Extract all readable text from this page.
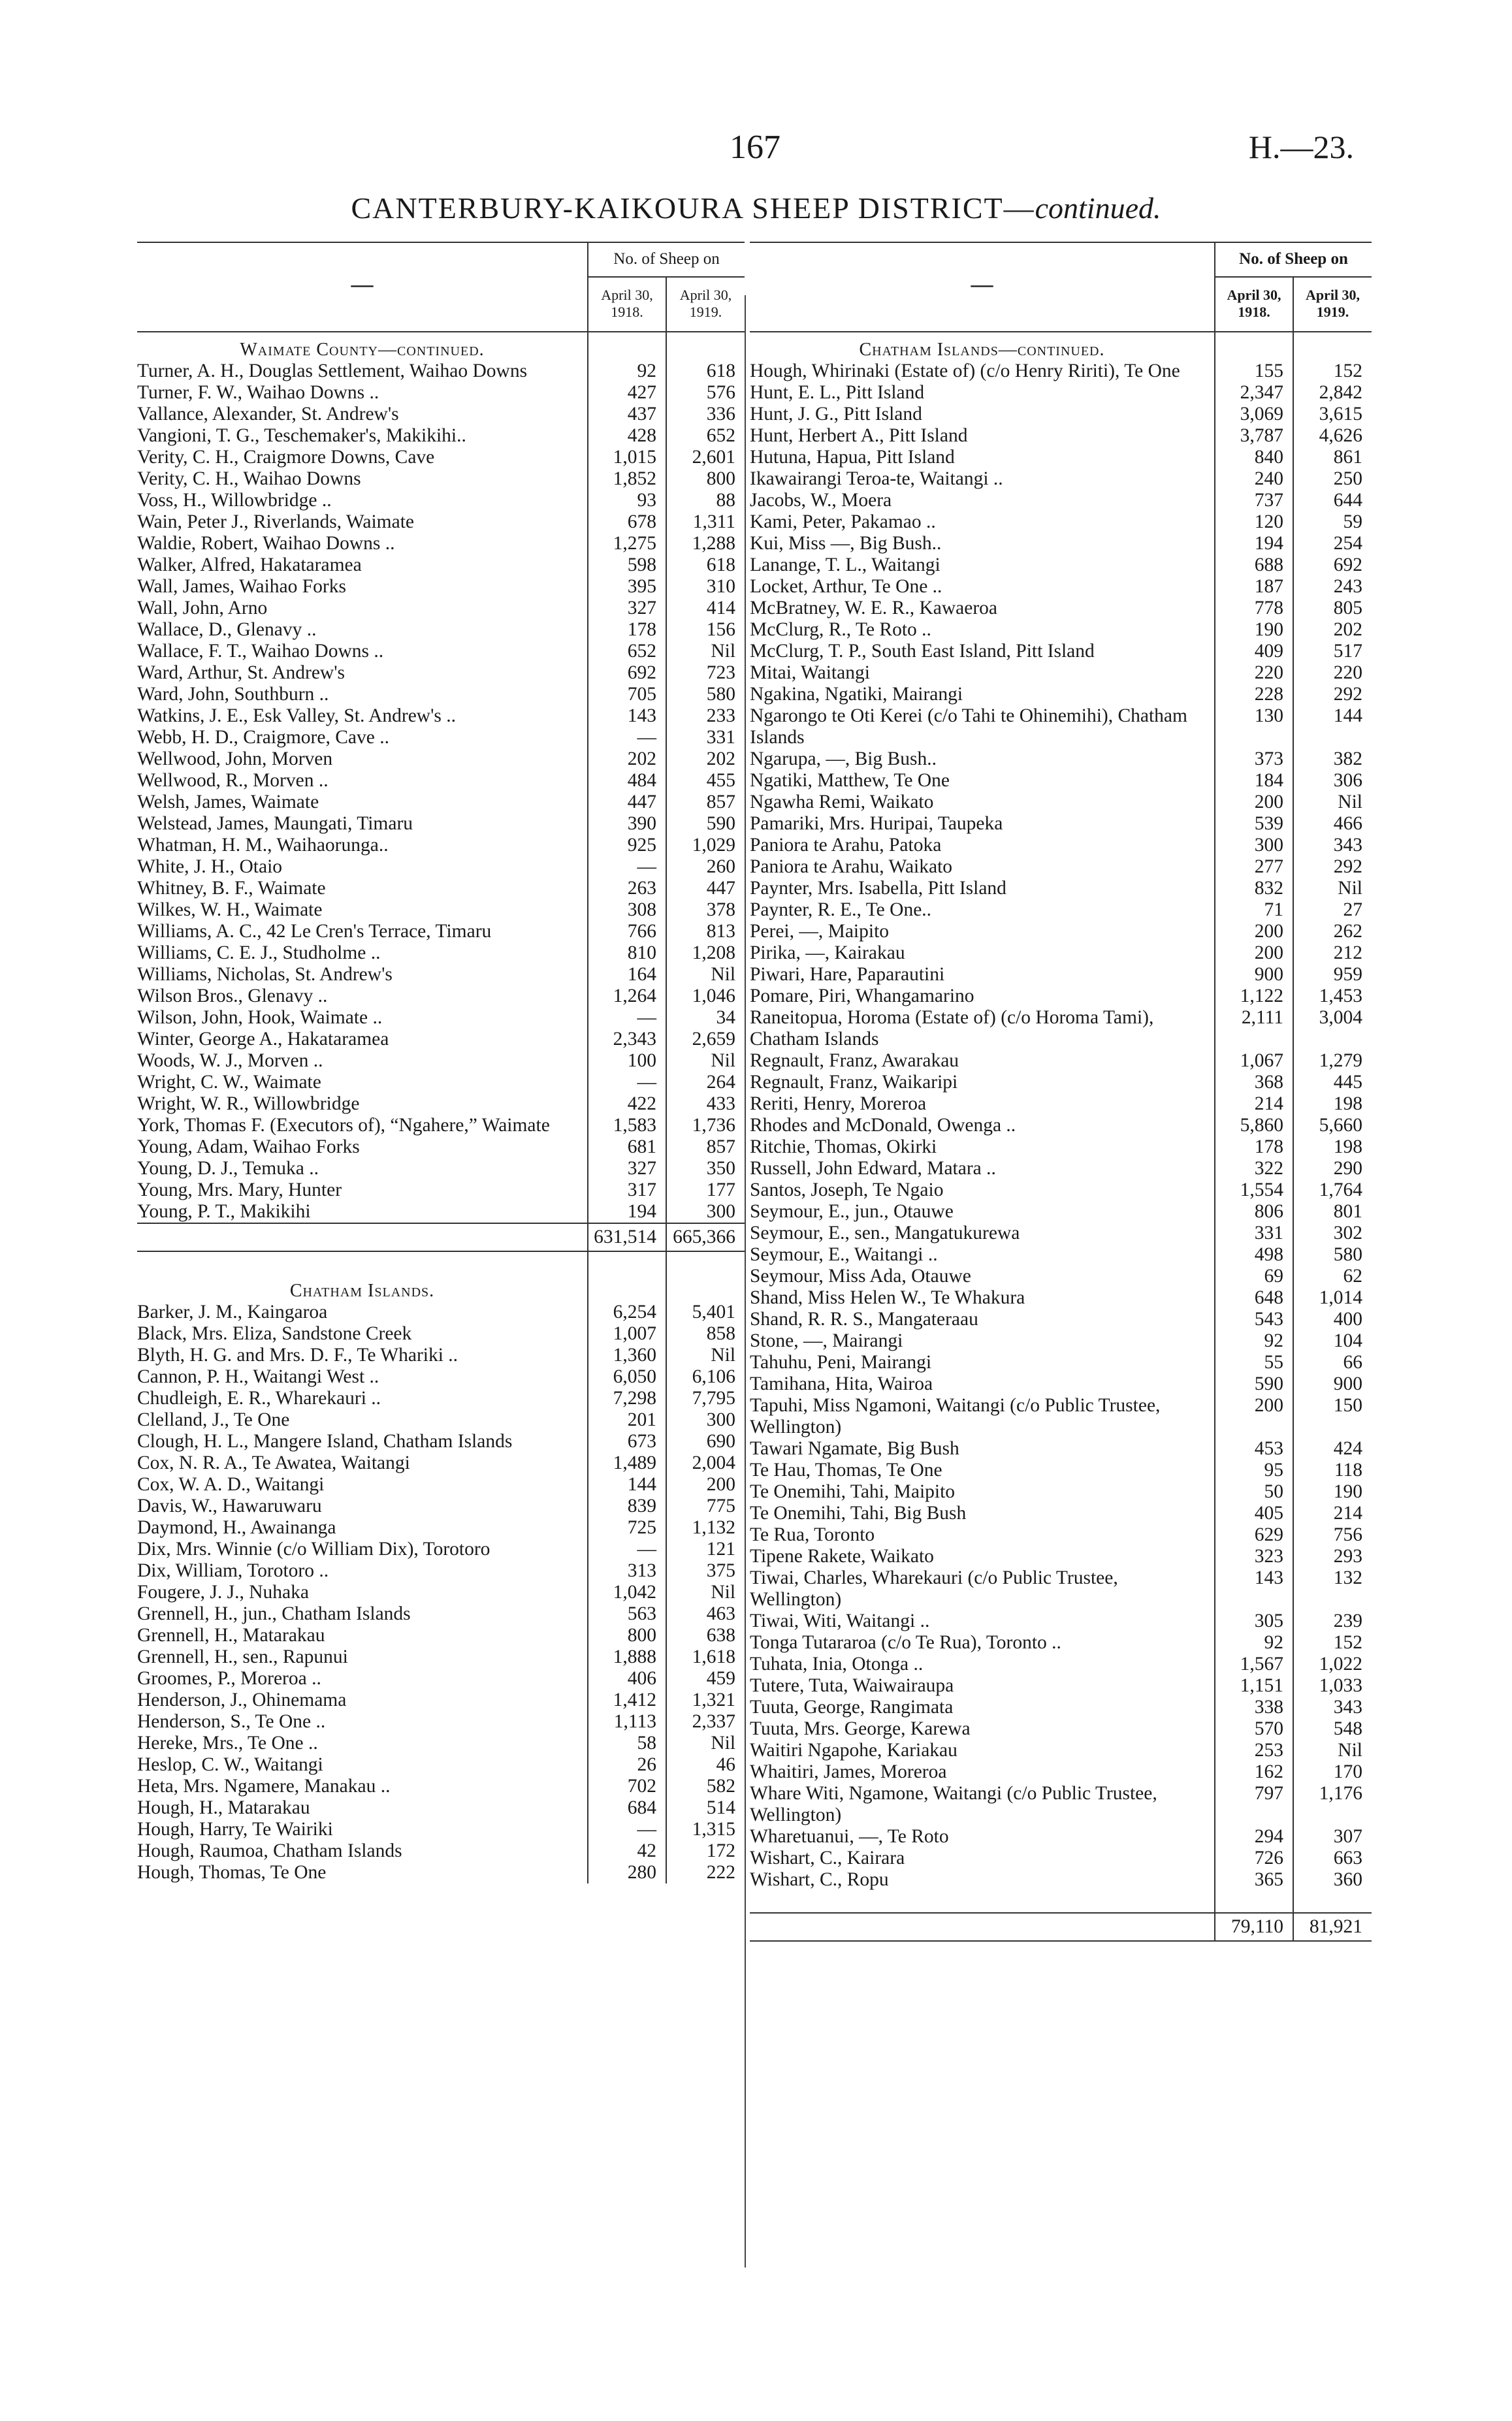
167	H.—23.
CANTERBURY-KAIKOURA SHEEP DISTRICT—continued.
—	No. of Sheep on	
	April 30, 1918.	April 30, 1919.

Waimate County—continued.		
Turner, A. H., Douglas Settlement, Waihao Downs	92	618
Turner, F. W., Waihao Downs ..	427	576
Vallance, Alexander, St. Andrew's	437	336
Vangioni, T. G., Teschemaker's, Makikihi..	428	652
Verity, C. H., Craigmore Downs, Cave	1,015	2,601
Verity, C. H., Waihao Downs	1,852	800
Voss, H., Willowbridge ..	93	88
Wain, Peter J., Riverlands, Waimate	678	1,311
Waldie, Robert, Waihao Downs ..	1,275	1,288
Walker, Alfred, Hakataramea	598	618
Wall, James, Waihao Forks	395	310
Wall, John, Arno	327	414
Wallace, D., Glenavy ..	178	156
Wallace, F. T., Waihao Downs ..	652	Nil
Ward, Arthur, St. Andrew's	692	723
Ward, John, Southburn ..	705	580
Watkins, J. E., Esk Valley, St. Andrew's ..	143	233
Webb, H. D., Craigmore, Cave ..	—	331
Wellwood, John, Morven	202	202
Wellwood, R., Morven ..	484	455
Welsh, James, Waimate	447	857
Welstead, James, Maungati, Timaru	390	590
Whatman, H. M., Waihaorunga..	925	1,029
White, J. H., Otaio	—	260
Whitney, B. F., Waimate	263	447
Wilkes, W. H., Waimate	308	378
Williams, A. C., 42 Le Cren's Terrace, Timaru	766	813
Williams, C. E. J., Studholme ..	810	1,208
Williams, Nicholas, St. Andrew's	164	Nil
Wilson Bros., Glenavy ..	1,264	1,046
Wilson, John, Hook, Waimate ..	—	34
Winter, George A., Hakataramea	2,343	2,659
Woods, W. J., Morven ..	100	Nil
Wright, C. W., Waimate	—	264
Wright, W. R., Willowbridge	422	433
York, Thomas F. (Executors of), “Ngahere,” Waimate	1,583	1,736
Young, Adam, Waihao Forks	681	857
Young, D. J., Temuka ..	327	350
Young, Mrs. Mary, Hunter	317	177
Young, P. T., Makikihi	194	300
	631,514	665,366

Chatham Islands.		
Barker, J. M., Kaingaroa	6,254	5,401
Black, Mrs. Eliza, Sandstone Creek	1,007	858
Blyth, H. G. and Mrs. D. F., Te Whariki ..	1,360	Nil
Cannon, P. H., Waitangi West ..	6,050	6,106
Chudleigh, E. R., Wharekauri ..	7,298	7,795
Clelland, J., Te One	201	300
Clough, H. L., Mangere Island, Chatham Islands	673	690
Cox, N. R. A., Te Awatea, Waitangi	1,489	2,004
Cox, W. A. D., Waitangi	144	200
Davis, W., Hawaruwaru	839	775
Daymond, H., Awainanga	725	1,132
Dix, Mrs. Winnie (c/o William Dix), Torotoro	—	121
Dix, William, Torotoro ..	313	375
Fougere, J. J., Nuhaka	1,042	Nil
Grennell, H., jun., Chatham Islands	563	463
Grennell, H., Matarakau	800	638
Grennell, H., sen., Rapunui	1,888	1,618
Groomes, P., Moreroa ..	406	459
Henderson, J., Ohinemama	1,412	1,321
Henderson, S., Te One ..	1,113	2,337
Hereke, Mrs., Te One ..	58	Nil
Heslop, C. W., Waitangi	26	46
Heta, Mrs. Ngamere, Manakau ..	702	582
Hough, H., Matarakau	684	514
Hough, Harry, Te Wairiki	—	1,315
Hough, Raumoa, Chatham Islands	42	172
Hough, Thomas, Te One	280	222
—	No. of Sheep on	
	April 30, 1918.	April 30, 1919.

Chatham Islands—continued.		
Hough, Whirinaki (Estate of) (c/o Henry Ririti), Te One	155	152
Hunt, E. L., Pitt Island	2,347	2,842
Hunt, J. G., Pitt Island	3,069	3,615
Hunt, Herbert A., Pitt Island	3,787	4,626
Hutuna, Hapua, Pitt Island	840	861
Ikawairangi Teroa-te, Waitangi ..	240	250
Jacobs, W., Moera	737	644
Kami, Peter, Pakamao ..	120	59
Kui, Miss —, Big Bush..	194	254
Lanange, T. L., Waitangi	688	692
Locket, Arthur, Te One ..	187	243
McBratney, W. E. R., Kawaeroa	778	805
McClurg, R., Te Roto ..	190	202
McClurg, T. P., South East Island, Pitt Island	409	517
Mitai, Waitangi	220	220
Ngakina, Ngatiki, Mairangi	228	292
Ngarongo te Oti Kerei (c/o Tahi te Ohinemihi), Chatham Islands	130	144
Ngarupa, —, Big Bush..	373	382
Ngatiki, Matthew, Te One	184	306
Ngawha Remi, Waikato	200	Nil
Pamariki, Mrs. Huripai, Taupeka	539	466
Paniora te Arahu, Patoka	300	343
Paniora te Arahu, Waikato	277	292
Paynter, Mrs. Isabella, Pitt Island	832	Nil
Paynter, R. E., Te One..	71	27
Perei, —, Maipito	200	262
Pirika, —, Kairakau	200	212
Piwari, Hare, Paparautini	900	959
Pomare, Piri, Whangamarino	1,122	1,453
Raneitopua, Horoma (Estate of) (c/o Horoma Tami), Chatham Islands	2,111	3,004
Regnault, Franz, Awarakau	1,067	1,279
Regnault, Franz, Waikaripi	368	445
Reriti, Henry, Moreroa	214	198
Rhodes and McDonald, Owenga ..	5,860	5,660
Ritchie, Thomas, Okirki	178	198
Russell, John Edward, Matara ..	322	290
Santos, Joseph, Te Ngaio	1,554	1,764
Seymour, E., jun., Otauwe	806	801
Seymour, E., sen., Mangatukurewa	331	302
Seymour, E., Waitangi ..	498	580
Seymour, Miss Ada, Otauwe	69	62
Shand, Miss Helen W., Te Whakura	648	1,014
Shand, R. R. S., Mangateraau	543	400
Stone, —, Mairangi	92	104
Tahuhu, Peni, Mairangi	55	66
Tamihana, Hita, Wairoa	590	900
Tapuhi, Miss Ngamoni, Waitangi (c/o Public Trustee, Wellington)	200	150
Tawari Ngamate, Big Bush	453	424
Te Hau, Thomas, Te One	95	118
Te Onemihi, Tahi, Maipito	50	190
Te Onemihi, Tahi, Big Bush	405	214
Te Rua, Toronto	629	756
Tipene Rakete, Waikato	323	293
Tiwai, Charles, Wharekauri (c/o Public Trustee, Wellington)	143	132
Tiwai, Witi, Waitangi ..	305	239
Tonga Tutararoa (c/o Te Rua), Toronto ..	92	152
Tuhata, Inia, Otonga ..	1,567	1,022
Tutere, Tuta, Waiwairaupa	1,151	1,033
Tuuta, George, Rangimata	338	343
Tuuta, Mrs. George, Karewa	570	548
Waitiri Ngapohe, Kariakau	253	Nil
Whaitiri, James, Moreroa	162	170
Whare Witi, Ngamone, Waitangi (c/o Public Trustee, Wellington)	797	1,176
Wharetuanui, —, Te Roto	294	307
Wishart, C., Kairara	726	663
Wishart, C., Ropu	365	360

	79,110	81,921
